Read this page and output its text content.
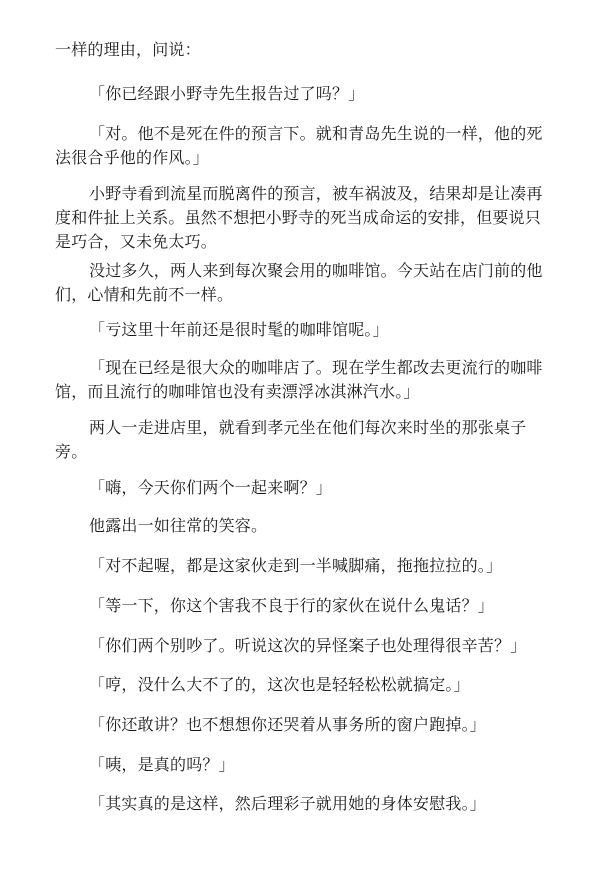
一样的理由，问说：

「你已经跟小野寺先生报告过了吗？」

「对。他不是死在件的预言下。就和青岛先生说的一样，他的死法很合乎他的作风。」

小野寺看到流星而脱离件的预言，被车祸波及，结果却是让凑再度和件扯上关系。虽然不想把小野寺的死当成命运的安排，但要说只是巧合，又未免太巧。

没过多久，两人来到每次聚会用的咖啡馆。今天站在店门前的他们，心情和先前不一样。

「亏这里十年前还是很时髦的咖啡馆呢。」

「现在已经是很大众的咖啡店了。现在学生都改去更流行的咖啡馆，而且流行的咖啡馆也没有卖漂浮冰淇淋汽水。」

两人一走进店里，就看到孝元坐在他们每次来时坐的那张桌子旁。

「嗨，今天你们两个一起来啊？」

他露出一如往常的笑容。

「对不起喔，都是这家伙走到一半喊脚痛，拖拖拉拉的。」

「等一下，你这个害我不良于行的家伙在说什么鬼话？」

「你们两个别吵了。听说这次的异怪案子也处理得很辛苦？」

「哼，没什么大不了的，这次也是轻轻松松就搞定。」

「你还敢讲？也不想想你还哭着从事务所的窗户跑掉。」

「咦，是真的吗？」

「其实真的是这样，然后理彩子就用她的身体安慰我。」
